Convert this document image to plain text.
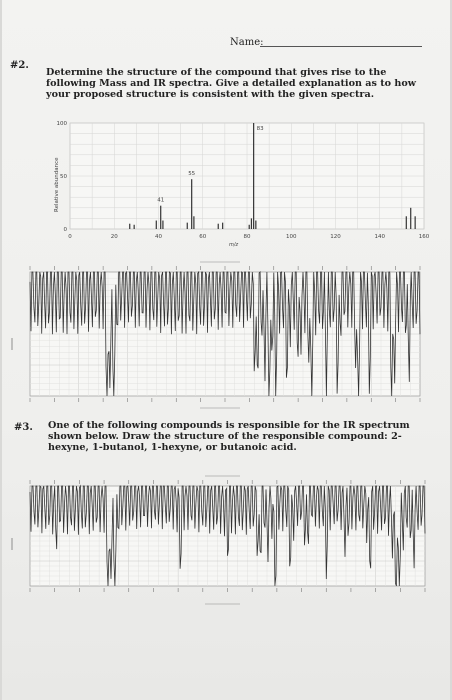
Name:
#2.
Determine the structure of the compound that gives rise to the following Mass and IR spectra. Give a detailed explanation as to how your proposed structure is consistent with the given spectra.
#3. One of the following compounds is responsible for the IR spectrum shown below. Draw the structure of the responsible compound: 2-hexyne, 1-butanol, 1-hexyne, or butanoic acid.
0	20	40	60	80	100	120	140	160
0
50
100
41
55
83
m/z
Relative abundance
